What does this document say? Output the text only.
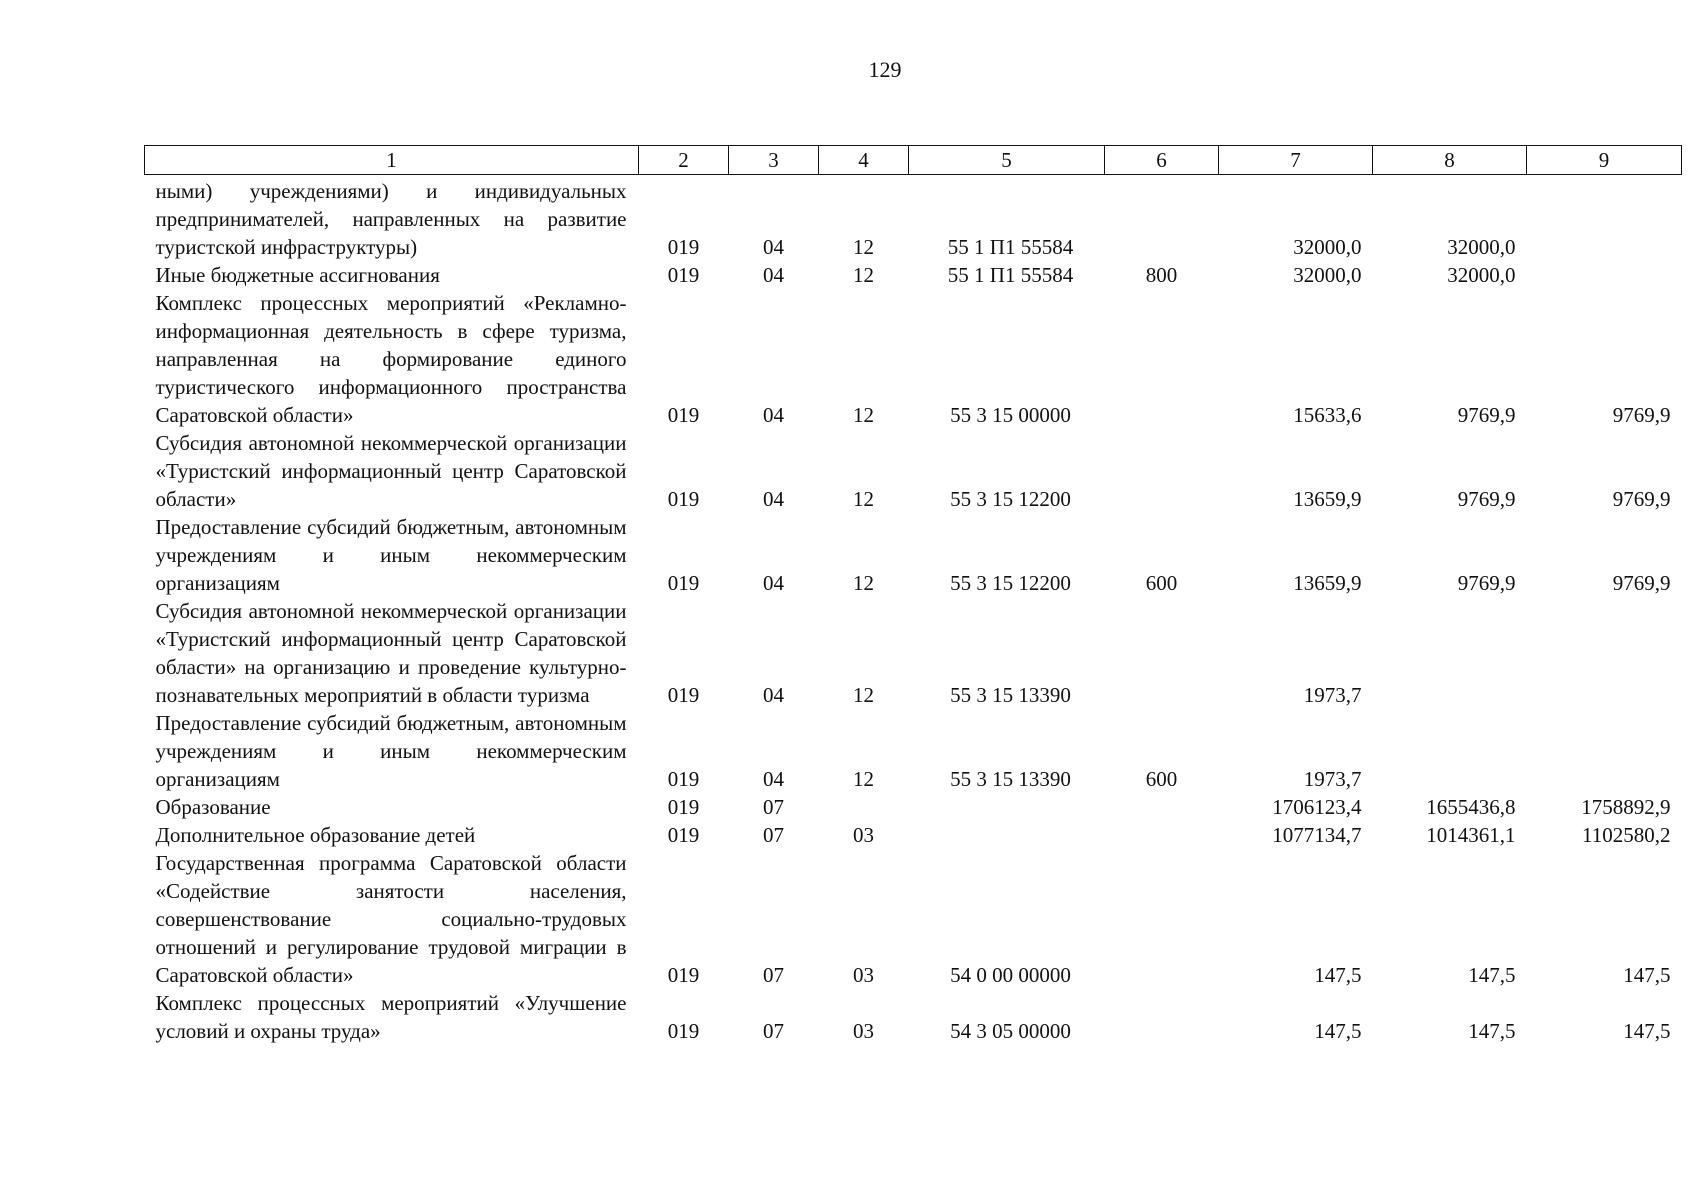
129
1	2	3	4	5	6	7	8	9
ными) учреждениями) и индивидуальных предпринимателей, направленных на развитие туристской инфраструктуры)	019	04	12	55 1 П1 55584		32000,0	32000,0	
Иные бюджетные ассигнования	019	04	12	55 1 П1 55584	800	32000,0	32000,0	
Комплекс процессных мероприятий «Рекламно-информационная деятельность в сфере туризма, направленная на формирование единого туристического информационного пространства Саратовской области»	019	04	12	55 3 15 00000		15633,6	9769,9	9769,9
Субсидия автономной некоммерческой организации «Туристский информационный центр Саратовской области»	019	04	12	55 3 15 12200		13659,9	9769,9	9769,9
Предоставление субсидий бюджетным, автономным учреждениям и иным некоммерческим организациям	019	04	12	55 3 15 12200	600	13659,9	9769,9	9769,9
Субсидия автономной некоммерческой организации «Туристский информационный центр Саратовской области» на организацию и проведение культурно-познавательных мероприятий в области туризма	019	04	12	55 3 15 13390		1973,7		
Предоставление субсидий бюджетным, автономным учреждениям и иным некоммерческим организациям	019	04	12	55 3 15 13390	600	1973,7		
Образование	019	07				1706123,4	1655436,8	1758892,9
Дополнительное образование детей	019	07	03			1077134,7	1014361,1	1102580,2
Государственная программа Саратовской области «Содействие занятости населения, совершенствование социально-трудовых отношений и регулирование трудовой миграции в Саратовской области»	019	07	03	54 0 00 00000		147,5	147,5	147,5
Комплекс процессных мероприятий «Улучшение условий и охраны труда»	019	07	03	54 3 05 00000		147,5	147,5	147,5
